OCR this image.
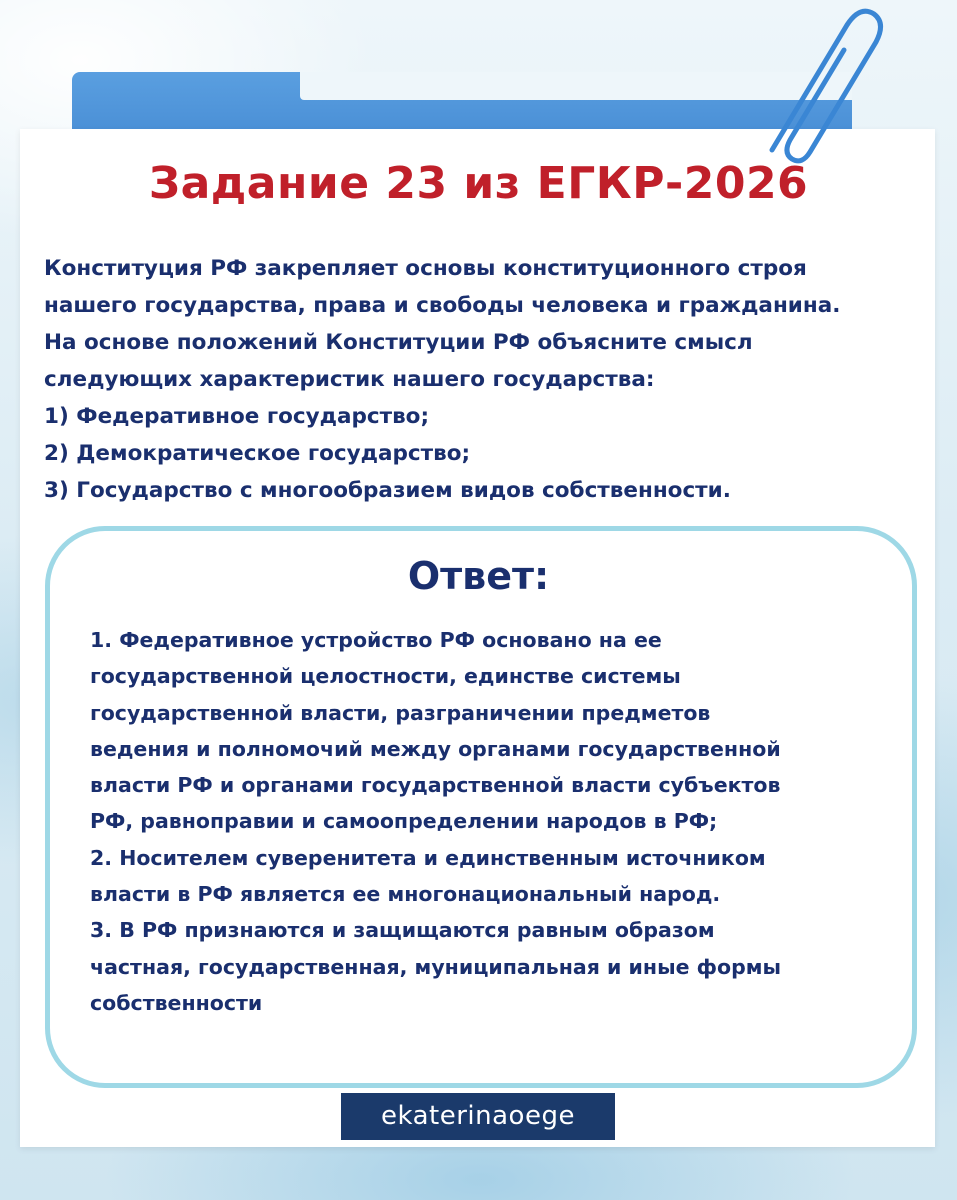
Задание 23 из ЕГКР-2026

Конституция РФ закрепляет основы конституционного строя

нашего государства, права и свободы человека и гражданина.

На основе положений Конституции РФ объясните смысл

следующих характеристик нашего государства:

1) Федеративное государство;

2) Демократическое государство;

3) Государство с многообразием видов собственности.

Ответ:

1. Федеративное устройство РФ основано на ее

государственной целостности, единстве системы

государственной власти, разграничении предметов

ведения и полномочий между органами государственной

власти РФ и органами государственной власти субъектов

РФ, равноправии и самоопределении народов в РФ;

2. Носителем суверенитета и единственным источником

власти в РФ является ее многонациональный народ.

3. В РФ признаются и защищаются равным образом

частная, государственная, муниципальная и иные формы

собственности

ekaterinaoege
